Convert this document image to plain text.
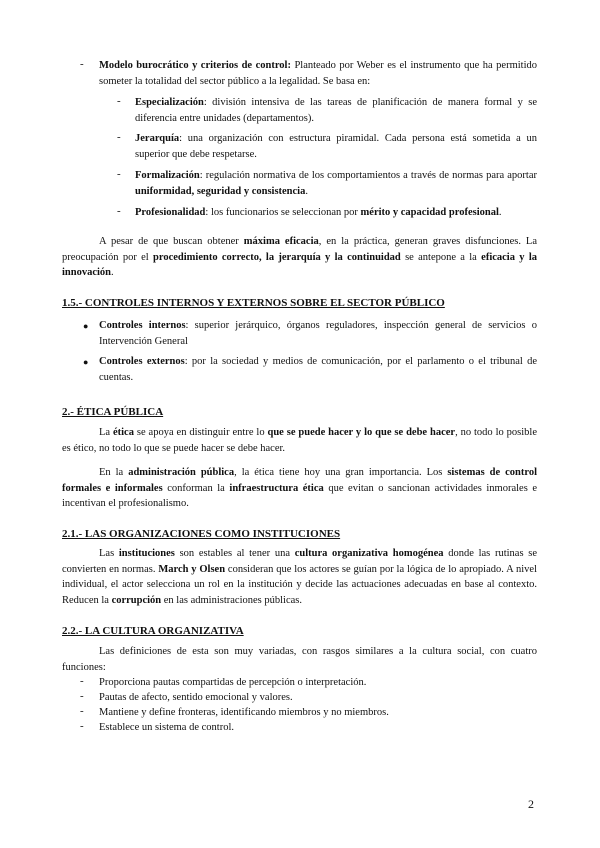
- Modelo burocrático y criterios de control: Planteado por Weber es el instrumento que ha permitido someter la totalidad del sector público a la legalidad. Se basa en:

- Especialización: división intensiva de las tareas de planificación de manera formal y se diferencia entre unidades (departamentos).

- Jerarquía: una organización con estructura piramidal. Cada persona está sometida a un superior que debe respetarse.

- Formalización: regulación normativa de los comportamientos a través de normas para aportar uniformidad, seguridad y consistencia.

- Profesionalidad: los funcionarios se seleccionan por mérito y capacidad profesional.

A pesar de que buscan obtener máxima eficacia, en la práctica, generan graves disfunciones. La preocupación por el procedimiento correcto, la jerarquía y la continuidad se antepone a la eficacia y la innovación.

1.5.- CONTROLES INTERNOS Y EXTERNOS SOBRE EL SECTOR PÚBLICO
● Controles internos: superior jerárquico, órganos reguladores, inspección general de servicios o Intervención General

● Controles externos: por la sociedad y medios de comunicación, por el parlamento o el tribunal de cuentas.

2.- ÉTICA PÚBLICA

La ética se apoya en distinguir entre lo que se puede hacer y lo que se debe hacer, no todo lo posible es ético, no todo lo que se puede hacer se debe hacer.

En la administración pública, la ética tiene hoy una gran importancia. Los sistemas de control formales e informales conforman la infraestructura ética que evitan o sancionan actividades inmorales e incentivan el profesionalismo.

2.1.- LAS ORGANIZACIONES COMO INSTITUCIONES

Las instituciones son estables al tener una cultura organizativa homogénea donde las rutinas se convierten en normas. March y Olsen consideran que los actores se guían por la lógica de lo apropiado. A nivel individual, el actor selecciona un rol en la institución y decide las actuaciones adecuadas en base al contexto. Reducen la corrupción en las administraciones públicas.

2.2.- LA CULTURA ORGANIZATIVA

Las definiciones de esta son muy variadas, con rasgos similares a la cultura social, con cuatro funciones:

- Proporciona pautas compartidas de percepción o interpretación.

- Pautas de afecto, sentido emocional y valores.

- Mantiene y define fronteras, identificando miembros y no miembros.

- Establece un sistema de control.

2
